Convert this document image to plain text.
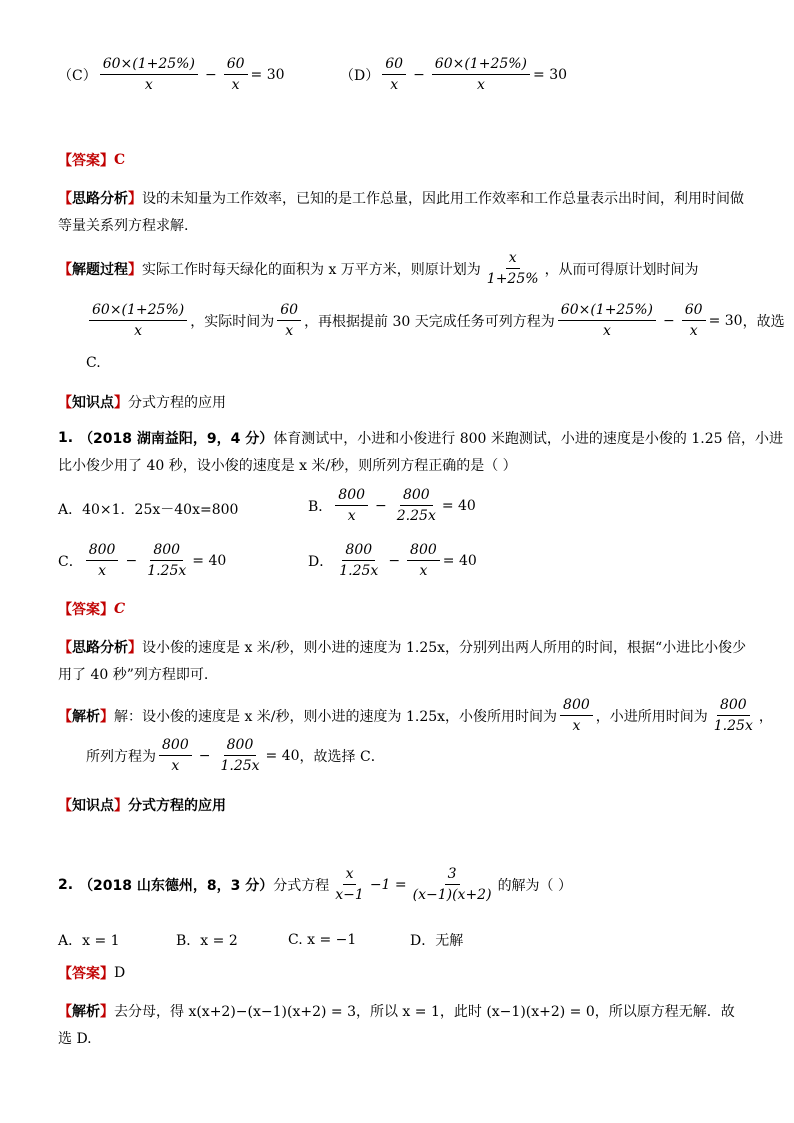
$(C) \frac{60\times(1+25\%)}{x} - \frac{60}{x} = 30$	$(D) \frac{60}{x} - \frac{60\times(1+25\%)}{x} = 30$
【答案】 C
【思路分析】 设的未知量为工作效率，已知的是工作总量，因此用工作效率和工作总量表示出时间，利用时间做
等量关系列方程求解.
【解题过程】 实际工作时每天绿化的面积为 x 万平方米，则原计划为 $\frac{x}{1+25\%}$ ，从而可得原计划时间为
$\frac{60\times(1+25\%)}{x}$ ，实际时间为 $\frac{60}{x}$ ，再根据提前 30 天完成任务可列方程为 $\frac{60\times(1+25\%)}{x} - \frac{60}{x} = 30$ ，故选
C.
【知识点】 分式方程的应用
1. （2018 湖南益阳，9，4 分） 体育测试中，小进和小俊进行 800 米跑测试，小进的速度是小俊的 1.25 倍，小进
比小俊少用了 40 秒，设小俊的速度是 x 米/秒，则所列方程正确的是（ ）
A．40×1．25x－40x=800	B． $\frac{800}{x} - \frac{800}{2.25x} = 40$
C． $\frac{800}{x} - \frac{800}{1.25x} = 40$	D． $\frac{800}{1.25x} - \frac{800}{x} = 40$
【答案】 C
【思路分析】 设小俊的速度是 x 米/秒，则小进的速度为 1.25x，分别列出两人所用的时间，根据“小进比小俊少
用了 40 秒”列方程即可.
【解析】 解：设小俊的速度是 x 米/秒，则小进的速度为 1.25x，小俊所用时间为 $\frac{800}{x}$ ，小进所用时间为 $\frac{800}{1.25x}$ ，
所列方程为 $\frac{800}{x} - \frac{800}{1.25x} = 40$ ，故选择 C．
【知识点】 分式方程的应用
2. （2018 山东德州，8，3 分） 分式方程 $\frac{x}{x-1} -1 = \frac{3}{(x-1)(x+2)}$ 的解为（ ）
A．x = 1	B．x = 2	C. x = −1	D．无解
【答案】 D
【解析】 去分母，得 x(x+2)−(x−1)(x+2) = 3，所以 x = 1，此时 (x−1)(x+2) = 0，所以原方程无解．故
选 D.
